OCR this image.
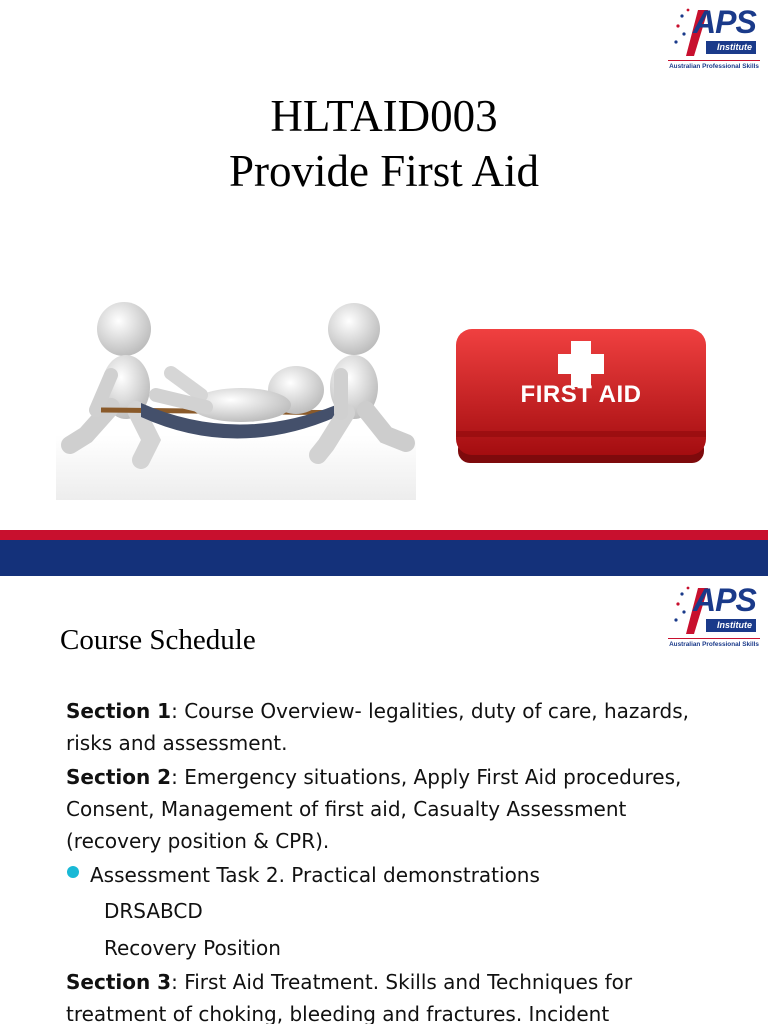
APS
Institute
Australian Professional Skills
HLTAID003
Provide First Aid
FIRST AID
APS
Institute
Australian Professional Skills
Course Schedule
Section 1: Course Overview- legalities, duty of care, hazards,
risks and assessment.
Section 2: Emergency situations, Apply First Aid procedures,
Consent, Management of first aid, Casualty Assessment
(recovery position & CPR).
Assessment Task 2. Practical demonstrations
DRSABCD
Recovery Position
Section 3: First Aid Treatment. Skills and Techniques for
treatment of choking, bleeding and fractures. Incident
